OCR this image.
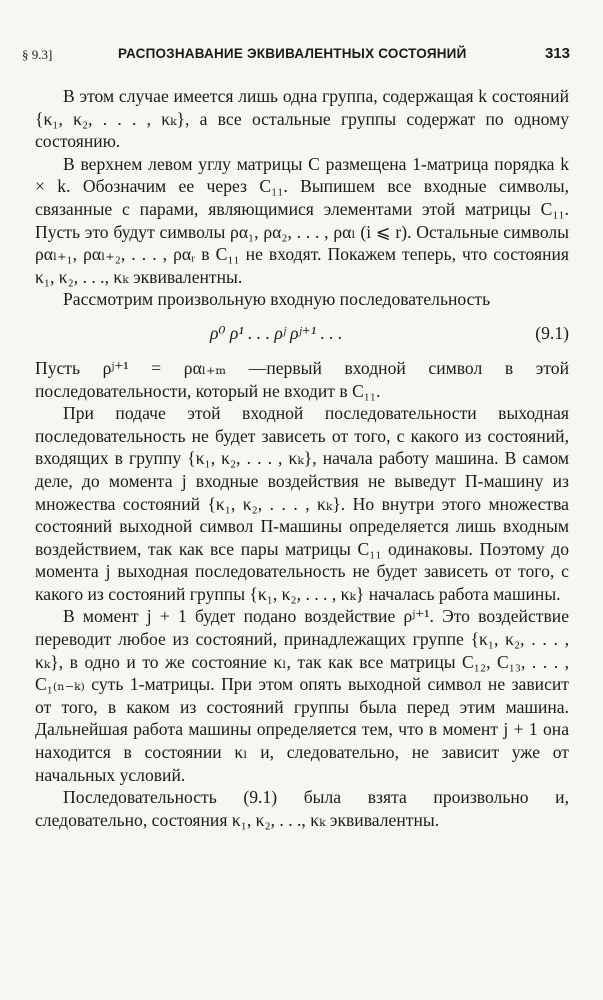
§ 9.3]	РАСПОЗНАВАНИЕ ЭКВИВАЛЕНТНЫХ СОСТОЯНИЙ	313

В этом случае имеется лишь одна группа, содержащая k состояний {κ₁, κ₂, . . . , κₖ}, а все остальные группы содержат по одному состоянию.

В верхнем левом углу матрицы C размещена 1-матрица порядка k × k. Обозначим ее через C₁₁. Выпишем все входные символы, связанные с парами, являющимися элементами этой матрицы C₁₁. Пусть это будут символы ρα₁, ρα₂, . . . , ραₗ (i ⩽ r). Остальные символы ραₗ₊₁, ραₗ₊₂, . . . , ραᵣ в C₁₁ не входят. Покажем теперь, что состояния κ₁, κ₂, . . ., κₖ эквивалентны.

Рассмотрим произвольную входную последовательность

ρ⁰ ρ¹ . . . ρʲ ρʲ⁺¹ . . .	(9.1)

Пусть ρʲ⁺¹ = ραₗ₊ₘ —первый входной символ в этой последовательности, который не входит в C₁₁.

При подаче этой входной последовательности выходная последовательность не будет зависеть от того, с какого из состояний, входящих в группу {κ₁, κ₂, . . . , κₖ}, начала работу машина. В самом деле, до момента j входные воздействия не выведут П-машину из множества состояний {κ₁, κ₂, . . . , κₖ}. Но внутри этого множества состояний выходной символ П-машины определяется лишь входным воздействием, так как все пары матрицы C₁₁ одинаковы. Поэтому до момента j выходная последовательность не будет зависеть от того, с какого из состояний группы {κ₁, κ₂, . . . , κₖ} началась работа машины.

В момент j + 1 будет подано воздействие ρʲ⁺¹. Это воздействие переводит любое из состояний, принадлежащих группе {κ₁, κ₂, . . . , κₖ}, в одно и то же состояние κₗ, так как все матрицы C₁₂, C₁₃, . . . , C₁₍ₙ₋ₖ₎ суть 1-матрицы. При этом опять выходной символ не зависит от того, в каком из состояний группы была перед этим машина. Дальнейшая работа машины определяется тем, что в момент j + 1 она находится в состоянии κₗ и, следовательно, не зависит уже от начальных условий.

Последовательность (9.1) была взята произвольно и, следовательно, состояния κ₁, κ₂, . . ., κₖ эквивалентны.
